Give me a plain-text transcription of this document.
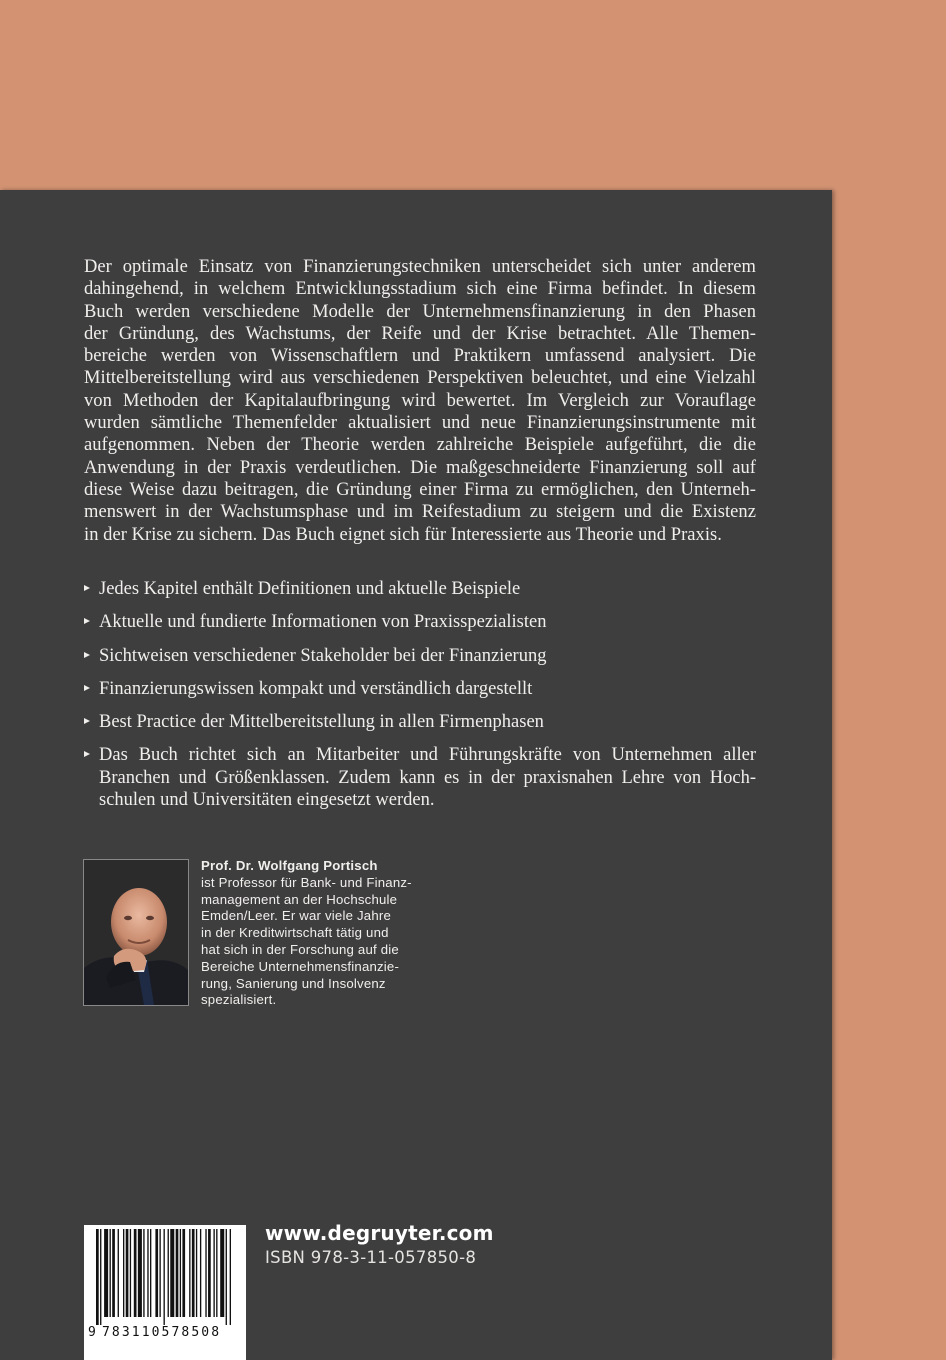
Der optimale Einsatz von Finanzierungstechniken unterscheidet sich unter anderem
dahingehend, in welchem Entwicklungsstadium sich eine Firma befindet. In diesem
Buch werden verschiedene Modelle der Unternehmensfinanzierung in den Phasen
der Gründung, des Wachstums, der Reife und der Krise betrachtet. Alle Themen-
bereiche werden von Wissenschaftlern und Praktikern umfassend analysiert. Die
Mittelbereitstellung wird aus verschiedenen Perspektiven beleuchtet, und eine Vielzahl
von Methoden der Kapitalaufbringung wird bewertet. Im Vergleich zur Vorauflage
wurden sämtliche Themenfelder aktualisiert und neue Finanzierungsinstrumente mit
aufgenommen. Neben der Theorie werden zahlreiche Beispiele aufgeführt, die die
Anwendung in der Praxis verdeutlichen. Die maßgeschneiderte Finanzierung soll auf
diese Weise dazu beitragen, die Gründung einer Firma zu ermöglichen, den Unterneh-
menswert in der Wachstumsphase und im Reifestadium zu steigern und die Existenz
in der Krise zu sichern. Das Buch eignet sich für Interessierte aus Theorie und Praxis.
Jedes Kapitel enthält Definitionen und aktuelle Beispiele
Aktuelle und fundierte Informationen von Praxisspezialisten
Sichtweisen verschiedener Stakeholder bei der Finanzierung
Finanzierungswissen kompakt und verständlich dargestellt
Best Practice der Mittelbereitstellung in allen Firmenphasen
Das Buch richtet sich an Mitarbeiter und Führungskräfte von Unternehmen aller
Branchen und Größenklassen. Zudem kann es in der praxisnahen Lehre von Hoch-
schulen und Universitäten eingesetzt werden.
Prof. Dr. Wolfgang Portisch
ist Professor für Bank- und Finanz-
management an der Hochschule
Emden/Leer. Er war viele Jahre
in der Kreditwirtschaft tätig und
hat sich in der Forschung auf die
Bereiche Unternehmensfinanzie-
rung, Sanierung und Insolvenz
spezialisiert.
9 783110578508
www.degruyter.com
ISBN 978-3-11-057850-8
